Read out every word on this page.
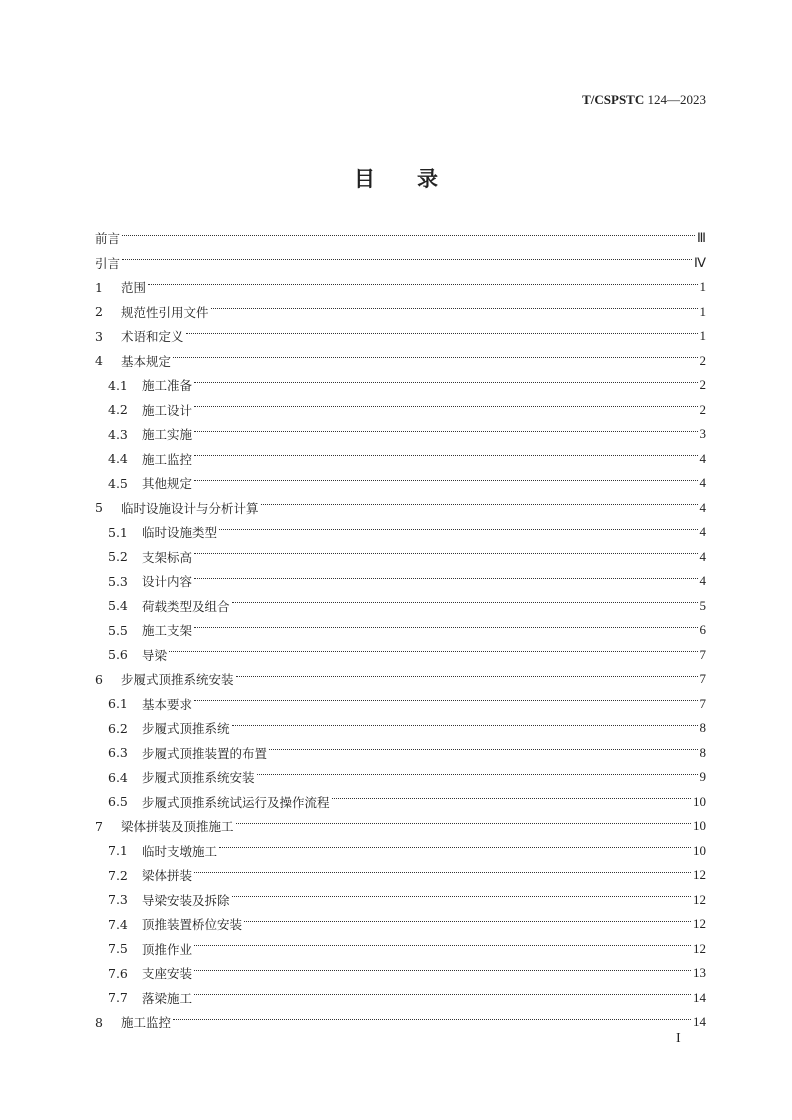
T/CSPSTC 124—2023
目录
前言	Ⅲ
引言	Ⅳ
1	范围	1
2	规范性引用文件	1
3	术语和定义	1
4	基本规定	2
4.1	施工准备	2
4.2	施工设计	2
4.3	施工实施	3
4.4	施工监控	4
4.5	其他规定	4
5	临时设施设计与分析计算	4
5.1	临时设施类型	4
5.2	支架标高	4
5.3	设计内容	4
5.4	荷载类型及组合	5
5.5	施工支架	6
5.6	导梁	7
6	步履式顶推系统安装	7
6.1	基本要求	7
6.2	步履式顶推系统	8
6.3	步履式顶推装置的布置	8
6.4	步履式顶推系统安装	9
6.5	步履式顶推系统试运行及操作流程	10
7	梁体拼装及顶推施工	10
7.1	临时支墩施工	10
7.2	梁体拼装	12
7.3	导梁安装及拆除	12
7.4	顶推装置桥位安装	12
7.5	顶推作业	12
7.6	支座安装	13
7.7	落梁施工	14
8	施工监控	14
I
